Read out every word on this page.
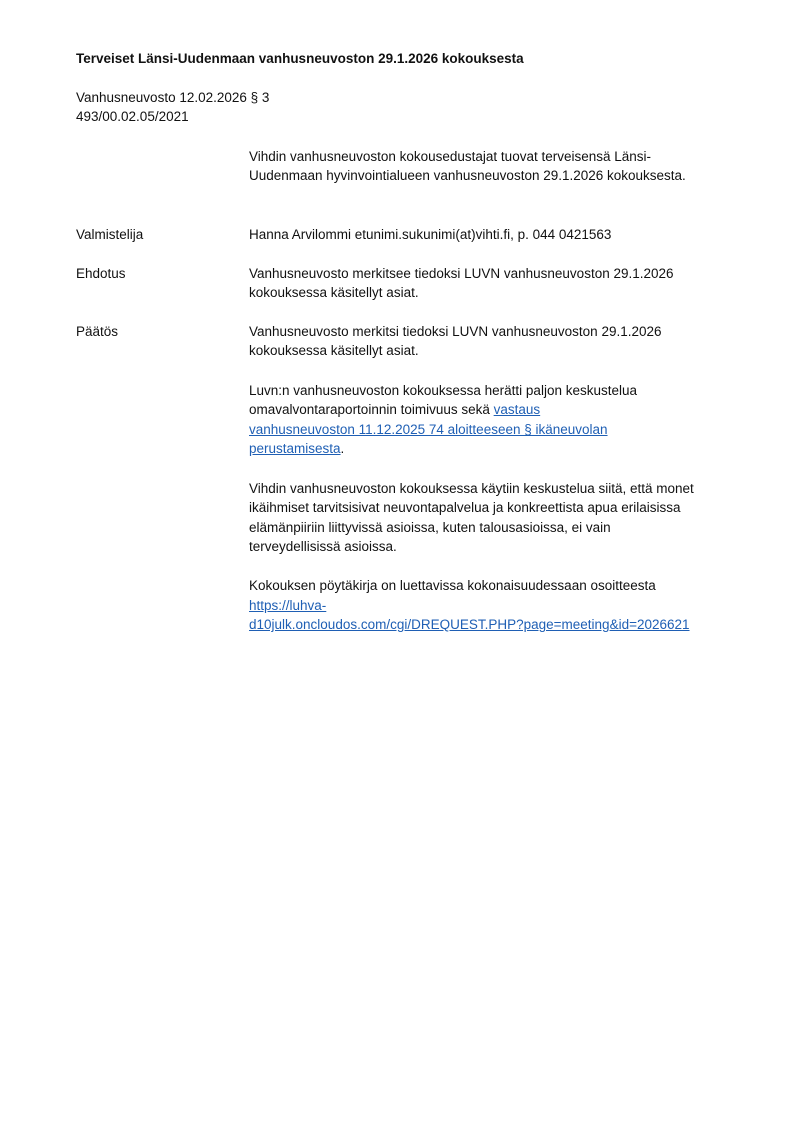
Terveiset Länsi-Uudenmaan vanhusneuvoston 29.1.2026 kokouksesta
Vanhusneuvosto 12.02.2026 § 3
493/00.02.05/2021
Vihdin vanhusneuvoston kokousedustajat tuovat terveisensä Länsi-
Uudenmaan hyvinvointialueen vanhusneuvoston 29.1.2026 kokouksesta.
Valmistelija	Hanna Arvilommi etunimi.sukunimi(at)vihti.fi, p. 044 0421563
Ehdotus	Vanhusneuvosto merkitsee tiedoksi LUVN vanhusneuvoston 29.1.2026
kokouksessa käsitellyt asiat.
Päätös	Vanhusneuvosto merkitsi tiedoksi LUVN vanhusneuvoston 29.1.2026
kokouksessa käsitellyt asiat.
Luvn:n vanhusneuvoston kokouksessa herätti paljon keskustelua
omavalvontaraportoinnin toimivuus sekä vastaus
vanhusneuvoston 11.12.2025 74 aloitteeseen § ikäneuvolan
perustamisesta.
Vihdin vanhusneuvoston kokouksessa käytiin keskustelua siitä, että monet
ikäihmiset tarvitsisivat neuvontapalvelua ja konkreettista apua erilaisissa
elämänpiiriin liittyvissä asioissa, kuten talousasioissa, ei vain
terveydellisissä asioissa.
Kokouksen pöytäkirja on luettavissa kokonaisuudessaan osoitteesta
https://luhva-
d10julk.oncloudos.com/cgi/DREQUEST.PHP?page=meeting&id=2026621
